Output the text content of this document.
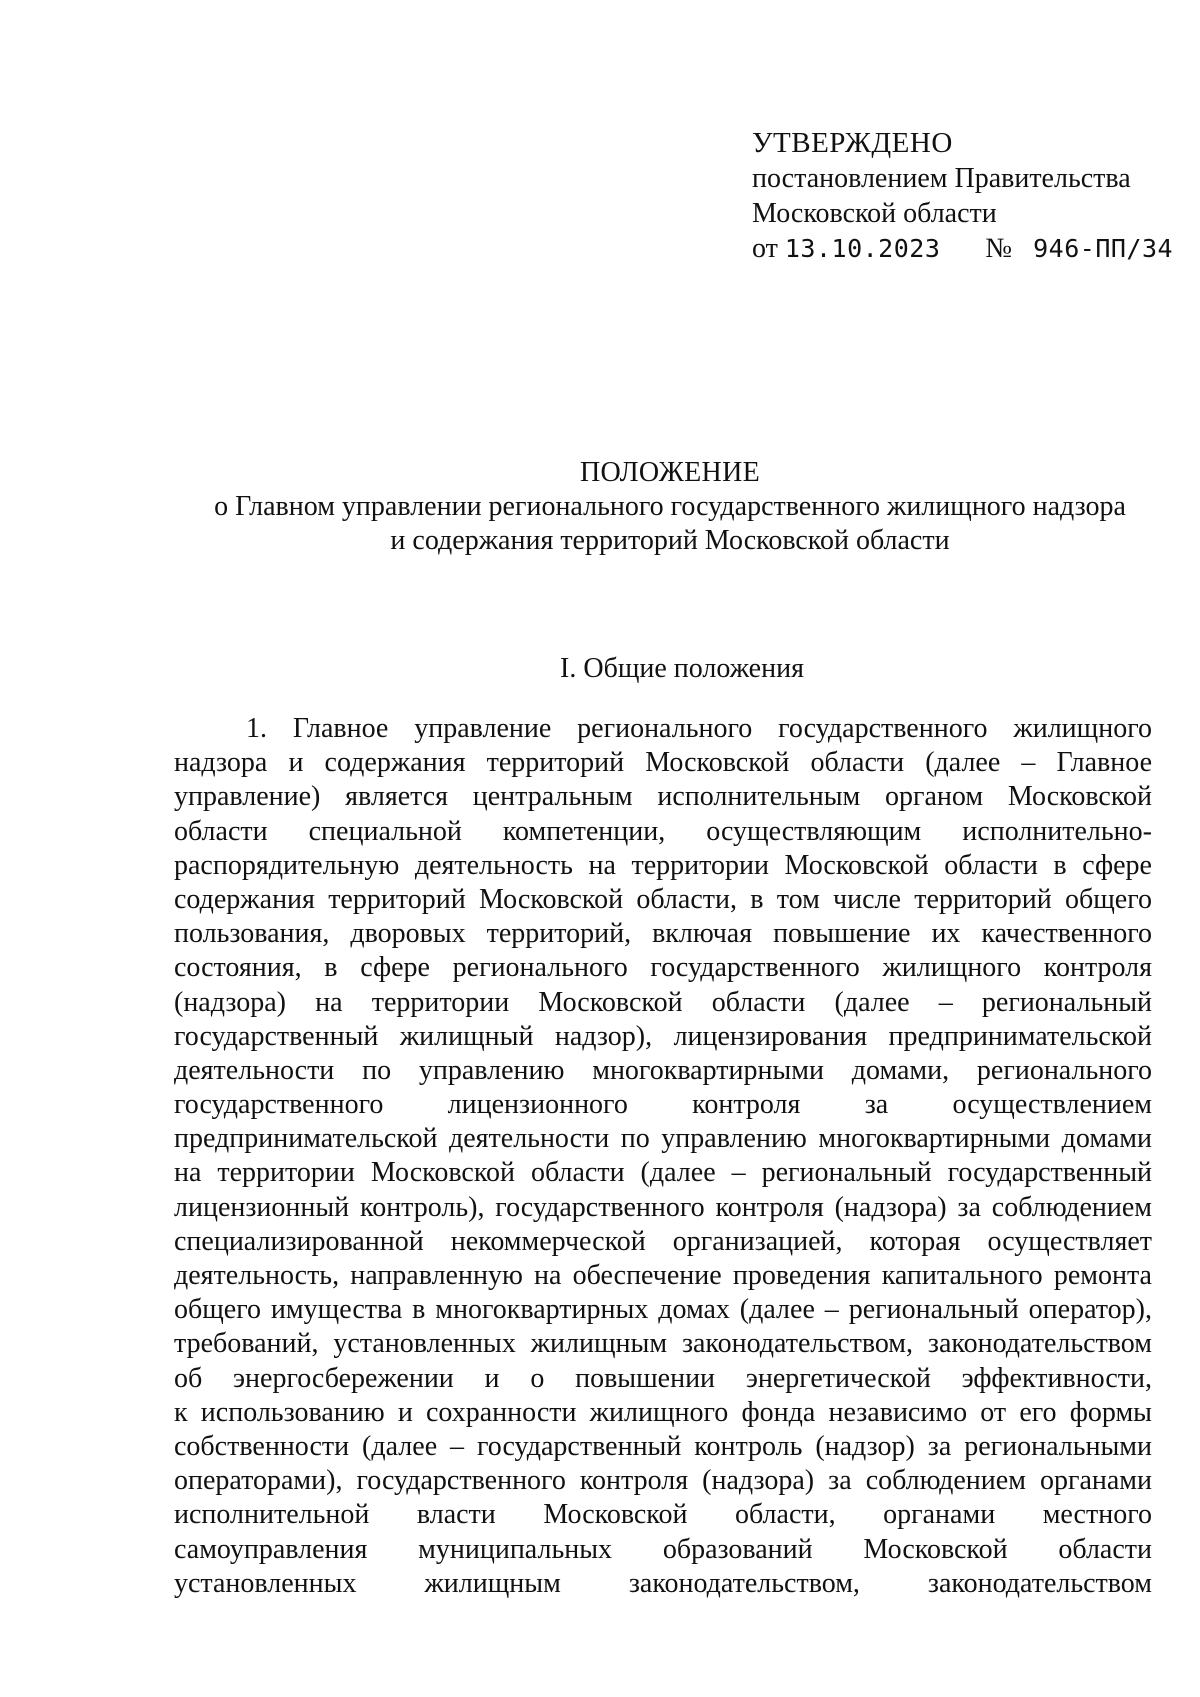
УТВЕРЖДЕНО
постановлением Правительства
Московской области
от 13.10.2023 № 946-ПП/34
ПОЛОЖЕНИЕ
о Главном управлении регионального государственного жилищного надзора
и содержания территорий Московской области
I. Общие положения
1. Главное управление регионального государственного жилищного
надзора и содержания территорий Московской области (далее – Главное
управление) является центральным исполнительным органом Московской
области специальной компетенции, осуществляющим исполнительно-
распорядительную деятельность на территории Московской области в сфере
содержания территорий Московской области, в том числе территорий общего
пользования, дворовых территорий, включая повышение их качественного
состояния, в сфере регионального государственного жилищного контроля
(надзора) на территории Московской области (далее – региональный
государственный жилищный надзор), лицензирования предпринимательской
деятельности по управлению многоквартирными домами, регионального
государственного лицензионного контроля за осуществлением
предпринимательской деятельности по управлению многоквартирными домами
на территории Московской области (далее – региональный государственный
лицензионный контроль), государственного контроля (надзора) за соблюдением
специализированной некоммерческой организацией, которая осуществляет
деятельность, направленную на обеспечение проведения капитального ремонта
общего имущества в многоквартирных домах (далее – региональный оператор),
требований, установленных жилищным законодательством, законодательством
об энергосбережении и о повышении энергетической эффективности,
к использованию и сохранности жилищного фонда независимо от его формы
собственности (далее – государственный контроль (надзор) за региональными
операторами), государственного контроля (надзора) за соблюдением органами
исполнительной власти Московской области, органами местного
самоуправления муниципальных образований Московской области
установленных жилищным законодательством, законодательством
